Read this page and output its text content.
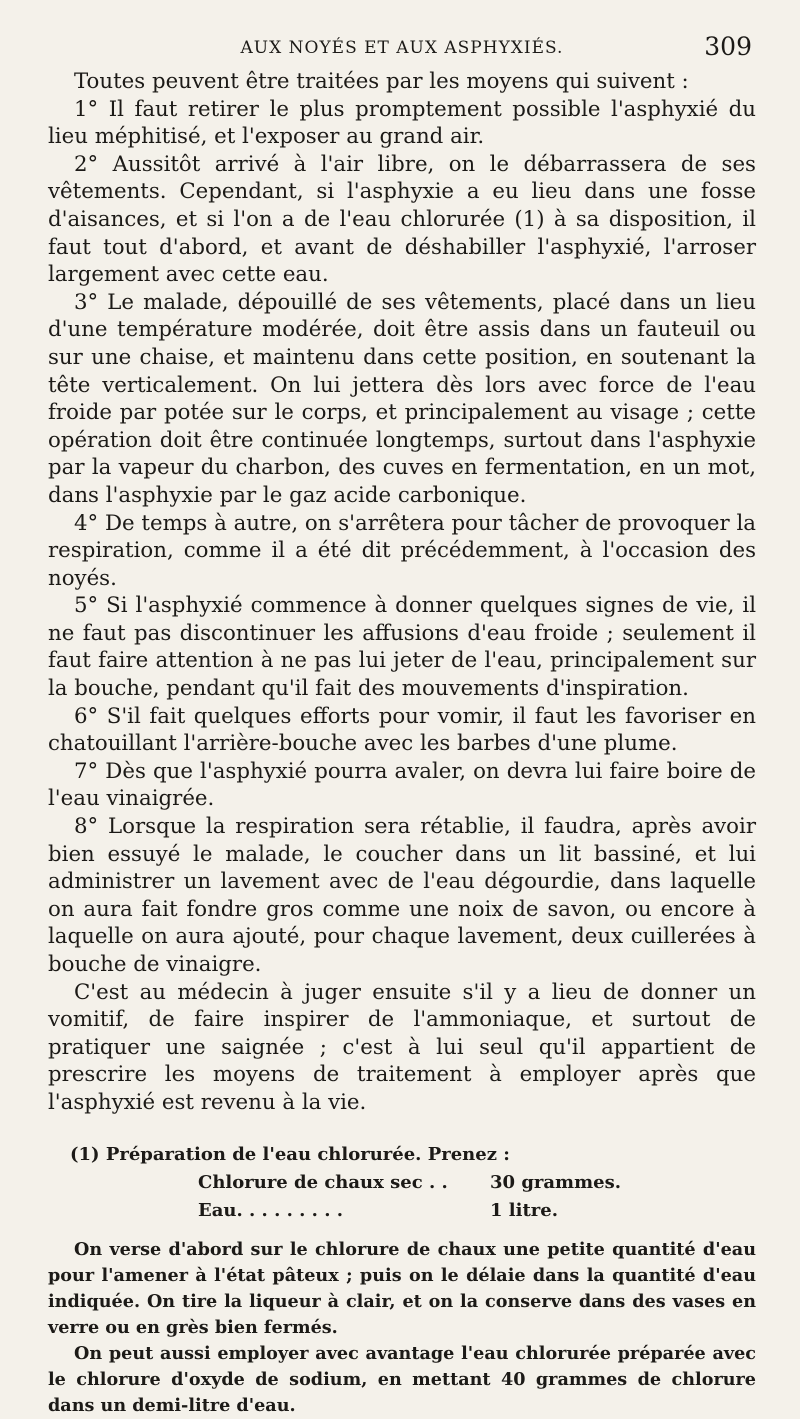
AUX NOYÉS ET AUX ASPHYXIÉS.	309

Toutes peuvent être traitées par les moyens qui suivent :

1° Il faut retirer le plus promptement possible l'asphyxié du lieu méphitisé, et l'exposer au grand air.

2° Aussitôt arrivé à l'air libre, on le débarrassera de ses vêtements. Cependant, si l'asphyxie a eu lieu dans une fosse d'aisances, et si l'on a de l'eau chlorurée (1) à sa disposition, il faut tout d'abord, et avant de déshabiller l'asphyxié, l'arroser largement avec cette eau.

3° Le malade, dépouillé de ses vêtements, placé dans un lieu d'une température modérée, doit être assis dans un fauteuil ou sur une chaise, et maintenu dans cette position, en soutenant la tête verticalement. On lui jettera dès lors avec force de l'eau froide par potée sur le corps, et principalement au visage ; cette opération doit être continuée longtemps, surtout dans l'asphyxie par la vapeur du charbon, des cuves en fermentation, en un mot, dans l'asphyxie par le gaz acide carbonique.

4° De temps à autre, on s'arrêtera pour tâcher de provoquer la respiration, comme il a été dit précédemment, à l'occasion des noyés.

5° Si l'asphyxié commence à donner quelques signes de vie, il ne faut pas discontinuer les affusions d'eau froide ; seulement il faut faire attention à ne pas lui jeter de l'eau, principalement sur la bouche, pendant qu'il fait des mouvements d'inspiration.

6° S'il fait quelques efforts pour vomir, il faut les favoriser en chatouillant l'arrière-bouche avec les barbes d'une plume.

7° Dès que l'asphyxié pourra avaler, on devra lui faire boire de l'eau vinaigrée.

8° Lorsque la respiration sera rétablie, il faudra, après avoir bien essuyé le malade, le coucher dans un lit bassiné, et lui administrer un lavement avec de l'eau dégourdie, dans laquelle on aura fait fondre gros comme une noix de savon, ou encore à laquelle on aura ajouté, pour chaque lavement, deux cuillerées à bouche de vinaigre.

C'est au médecin à juger ensuite s'il y a lieu de donner un vomitif, de faire inspirer de l'ammoniaque, et surtout de pratiquer une saignée ; c'est à lui seul qu'il appartient de prescrire les moyens de traitement à employer après que l'asphyxié est revenu à la vie.

(1) Préparation de l'eau chlorurée. Prenez :
Chlorure de chaux sec . .	30 grammes.
Eau. . . . . . . . .	1 litre.

On verse d'abord sur le chlorure de chaux une petite quantité d'eau pour l'amener à l'état pâteux ; puis on le délaie dans la quantité d'eau indiquée. On tire la liqueur à clair, et on la conserve dans des vases en verre ou en grès bien fermés.

On peut aussi employer avec avantage l'eau chlorurée préparée avec le chlorure d'oxyde de sodium, en mettant 40 grammes de chlorure dans un demi-litre d'eau.
